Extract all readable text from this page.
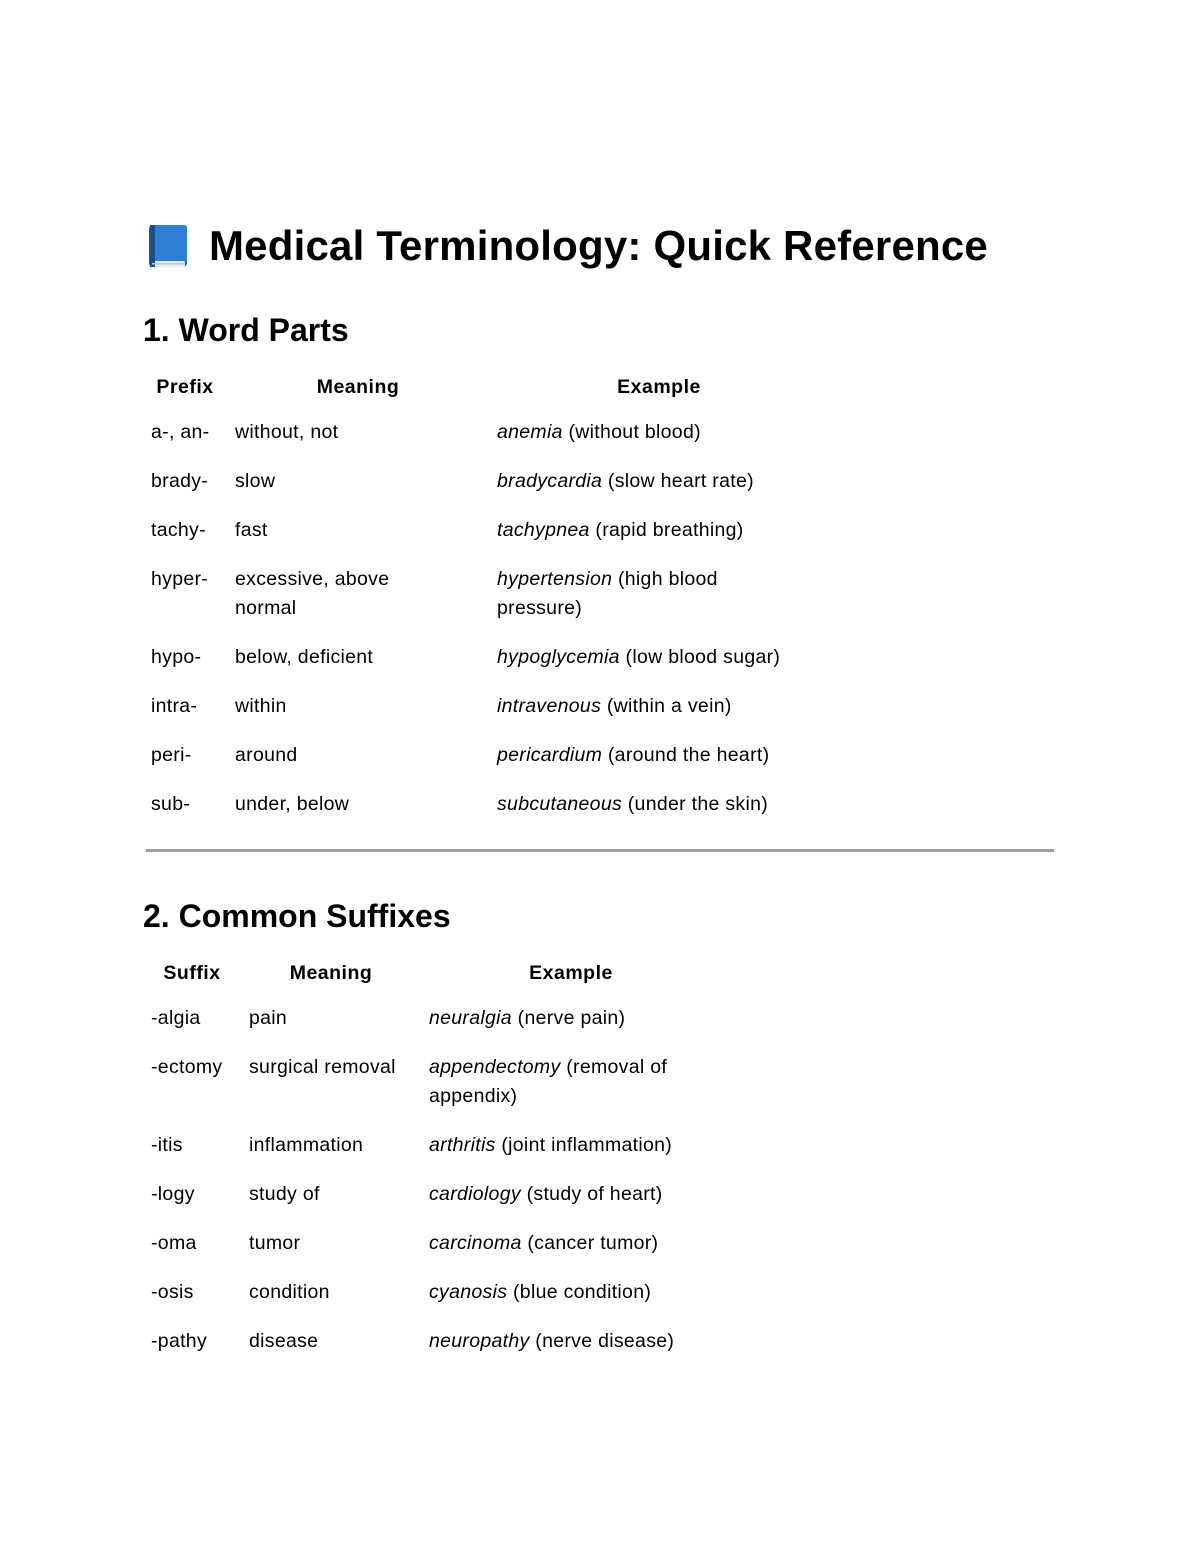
Medical Terminology: Quick Reference
1. Word Parts
Prefix	Meaning	Example
a-, an-	without, not	anemia (without blood)
brady-	slow	bradycardia (slow heart rate)
tachy-	fast	tachypnea (rapid breathing)
hyper-	excessive, above normal	hypertension (high blood pressure)
hypo-	below, deficient	hypoglycemia (low blood sugar)
intra-	within	intravenous (within a vein)
peri-	around	pericardium (around the heart)
sub-	under, below	subcutaneous (under the skin)
2. Common Suffixes
Suffix	Meaning	Example
-algia	pain	neuralgia (nerve pain)
-ectomy	surgical removal	appendectomy (removal of appendix)
-itis	inflammation	arthritis (joint inflammation)
-logy	study of	cardiology (study of heart)
-oma	tumor	carcinoma (cancer tumor)
-osis	condition	cyanosis (blue condition)
-pathy	disease	neuropathy (nerve disease)
